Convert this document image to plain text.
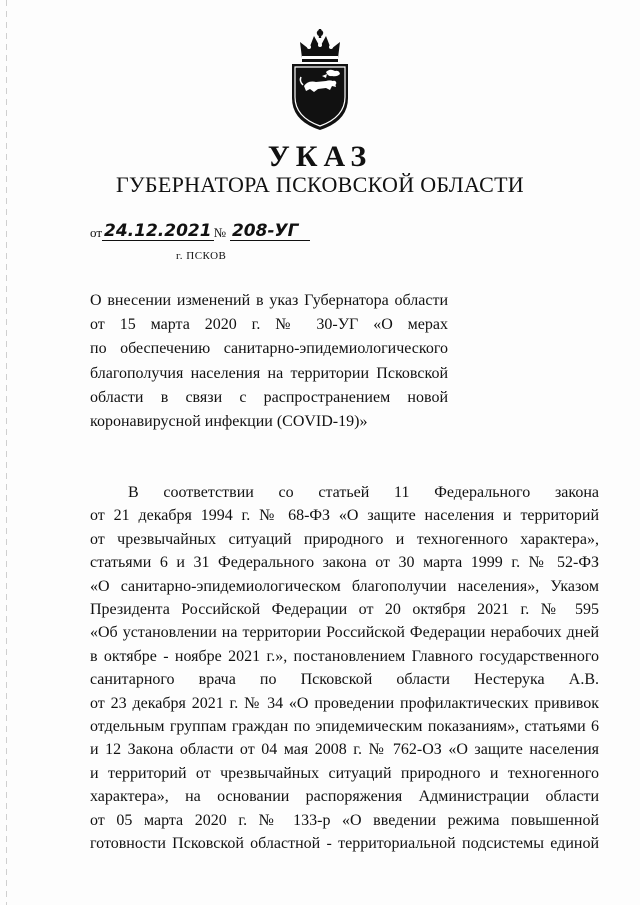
УКАЗ
ГУБЕРНАТОРА ПСКОВСКОЙ ОБЛАСТИ
от 24.12.2021 № 208-УГ
г. ПСКОВ
О внесении изменений в указ Губернатора области
от 15 марта 2020 г. № 30-УГ «О мерах
по обеспечению санитарно-эпидемиологического
благополучия населения на территории Псковской
области в связи с распространением новой
коронавирусной инфекции (COVID-19)»
В соответствии со статьей 11 Федерального закона
от 21 декабря 1994 г. № 68-ФЗ «О защите населения и территорий
от чрезвычайных ситуаций природного и техногенного характера»,
статьями 6 и 31 Федерального закона от 30 марта 1999 г. № 52-ФЗ
«О санитарно-эпидемиологическом благополучии населения», Указом
Президента Российской Федерации от 20 октября 2021 г. № 595
«Об установлении на территории Российской Федерации нерабочих дней
в октябре - ноябре 2021 г.», постановлением Главного государственного
санитарного врача по Псковской области Нестерука А.В.
от 23 декабря 2021 г. № 34 «О проведении профилактических прививок
отдельным группам граждан по эпидемическим показаниям», статьями 6
и 12 Закона области от 04 мая 2008 г. № 762-ОЗ «О защите населения
и территорий от чрезвычайных ситуаций природного и техногенного
характера», на основании распоряжения Администрации области
от 05 марта 2020 г. № 133-р «О введении режима повышенной
готовности Псковской областной - территориальной подсистемы единой
